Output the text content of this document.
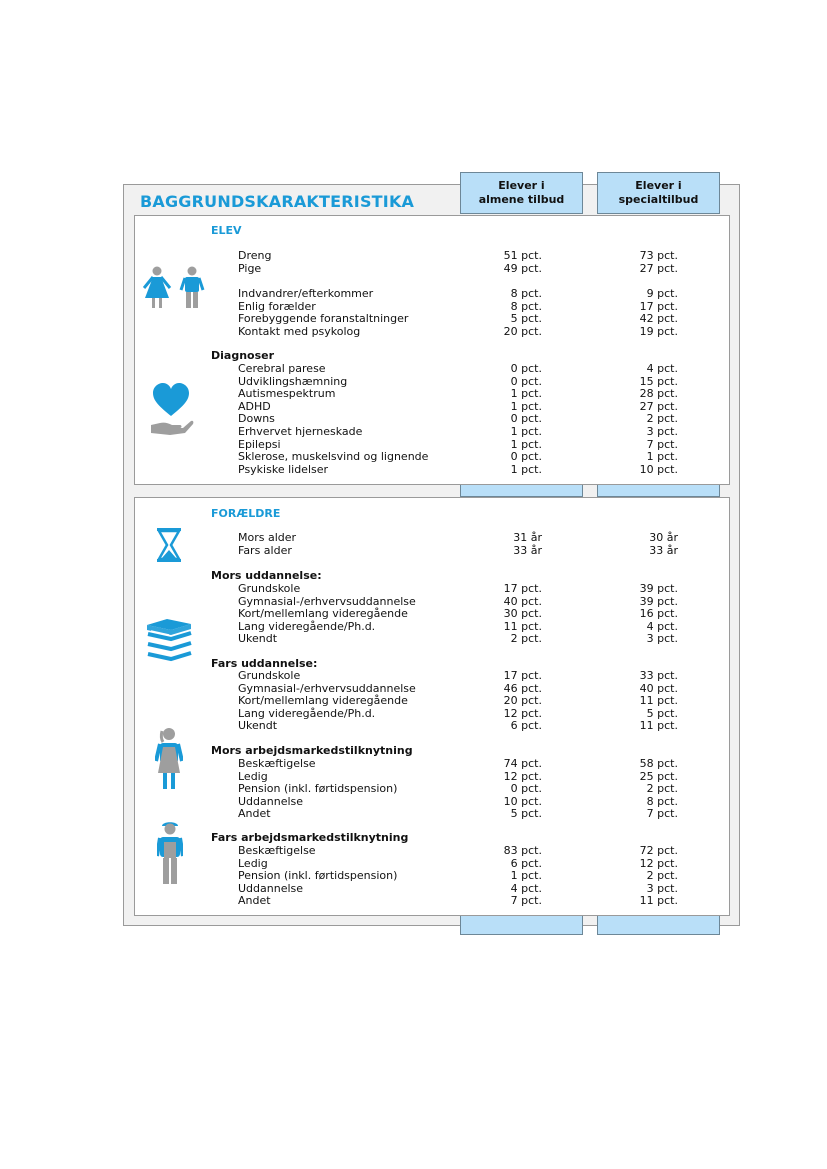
Elever i
almene tilbud
Elever i
specialtilbud
BAGGRUNDSKARAKTERISTIKA
ELEV
Dreng	51 pct.	73 pct.
Pige	49 pct.	27 pct.
Indvandrer/efterkommer	8 pct.	9 pct.
Enlig forælder	8 pct.	17 pct.
Forebyggende foranstaltninger	5 pct.	42 pct.
Kontakt med psykolog	20 pct.	19 pct.
Diagnoser
Cerebral parese	0 pct.	4 pct.
Udviklingshæmning	0 pct.	15 pct.
Autismespektrum	1 pct.	28 pct.
ADHD	1 pct.	27 pct.
Downs	0 pct.	2 pct.
Erhvervet hjerneskade	1 pct.	3 pct.
Epilepsi	1 pct.	7 pct.
Sklerose, muskelsvind og lignende	0 pct.	1 pct.
Psykiske lidelser	1 pct.	10 pct.
FORÆLDRE
Mors alder	31 år	30 år
Fars alder	33 år	33 år
Mors uddannelse:
Grundskole	17 pct.	39 pct.
Gymnasial-/erhvervsuddannelse	40 pct.	39 pct.
Kort/mellemlang videregående	30 pct.	16 pct.
Lang videregående/Ph.d.	11 pct.	4 pct.
Ukendt	2 pct.	3 pct.
Fars uddannelse:
Grundskole	17 pct.	33 pct.
Gymnasial-/erhvervsuddannelse	46 pct.	40 pct.
Kort/mellemlang videregående	20 pct.	11 pct.
Lang videregående/Ph.d.	12 pct.	5 pct.
Ukendt	6 pct.	11 pct.
Mors arbejdsmarkedstilknytning
Beskæftigelse	74 pct.	58 pct.
Ledig	12 pct.	25 pct.
Pension (inkl. førtidspension)	0 pct.	2 pct.
Uddannelse	10 pct.	8 pct.
Andet	5 pct.	7 pct.
Fars arbejdsmarkedstilknytning
Beskæftigelse	83 pct.	72 pct.
Ledig	6 pct.	12 pct.
Pension (inkl. førtidspension)	1 pct.	2 pct.
Uddannelse	4 pct.	3 pct.
Andet	7 pct.	11 pct.
